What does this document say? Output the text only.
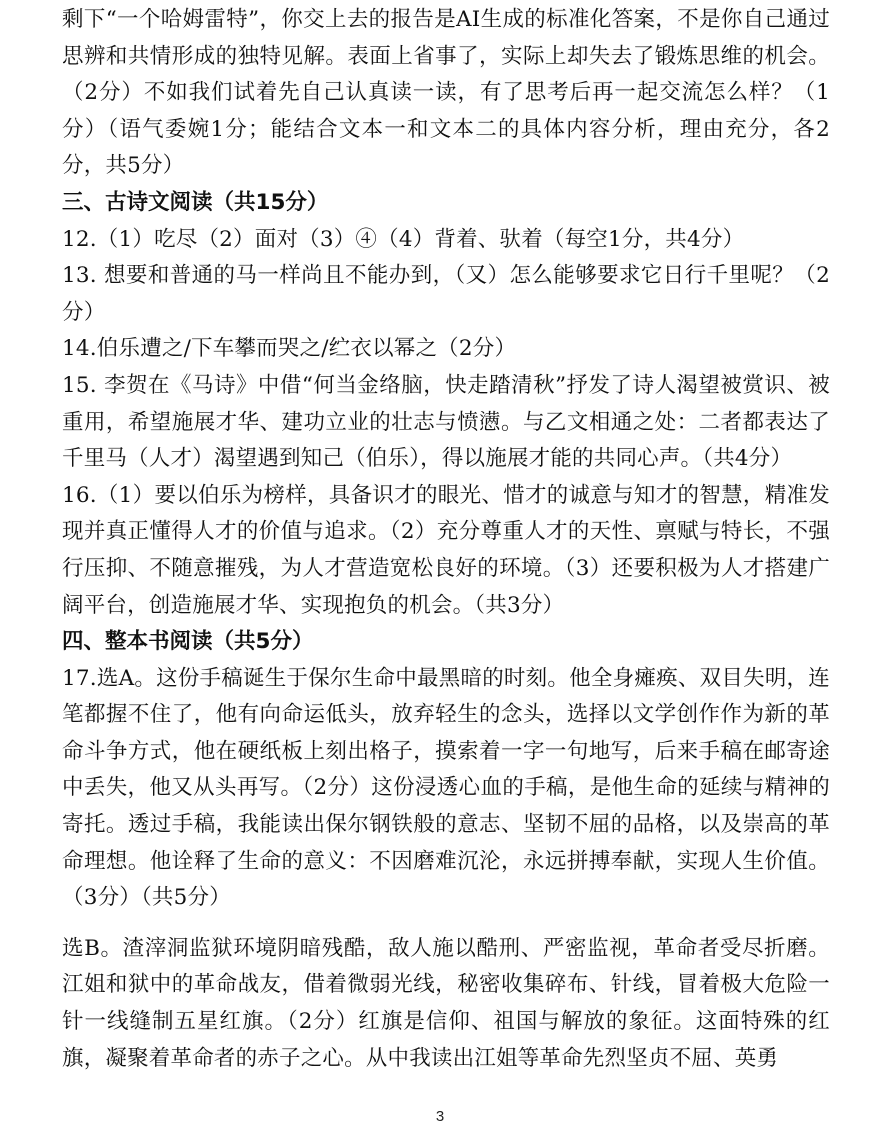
剩下“一个哈姆雷特”，你交上去的报告是AI生成的标准化答案，不是你自己通过思辨和共情形成的独特见解。表面上省事了，实际上却失去了锻炼思维的机会。（2分）不如我们试着先自己认真读一读，有了思考后再一起交流怎么样？（1分）（语气委婉1分；能结合文本一和文本二的具体内容分析，理由充分，各2分，共5分）

三、古诗文阅读（共15分）

12.（1）吃尽（2）面对（3）④（4）背着、驮着（每空1分，共4分）

13. 想要和普通的马一样尚且不能办到，（又）怎么能够要求它日行千里呢？（2分）

14.伯乐遭之/下车攀而哭之/纻衣以幂之（2分）

15. 李贺在《马诗》中借“何当金络脑，快走踏清秋”抒发了诗人渴望被赏识、被重用，希望施展才华、建功立业的壮志与愤懑。与乙文相通之处：二者都表达了千里马（人才）渴望遇到知己（伯乐），得以施展才能的共同心声。（共4分）

16.（1）要以伯乐为榜样，具备识才的眼光、惜才的诚意与知才的智慧，精准发现并真正懂得人才的价值与追求。（2）充分尊重人才的天性、禀赋与特长，不强行压抑、不随意摧残，为人才营造宽松良好的环境。（3）还要积极为人才搭建广阔平台，创造施展才华、实现抱负的机会。（共3分）

四、整本书阅读（共5分）

17.选A。这份手稿诞生于保尔生命中最黑暗的时刻。他全身瘫痪、双目失明，连笔都握不住了，他有向命运低头，放弃轻生的念头，选择以文学创作作为新的革命斗争方式，他在硬纸板上刻出格子，摸索着一字一句地写，后来手稿在邮寄途中丢失，他又从头再写。（2分）这份浸透心血的手稿，是他生命的延续与精神的寄托。透过手稿，我能读出保尔钢铁般的意志、坚韧不屈的品格，以及崇高的革命理想。他诠释了生命的意义：不因磨难沉沦，永远拼搏奉献，实现人生价值。（3分）（共5分）

选B。渣滓洞监狱环境阴暗残酷，敌人施以酷刑、严密监视，革命者受尽折磨。江姐和狱中的革命战友，借着微弱光线，秘密收集碎布、针线，冒着极大危险一针一线缝制五星红旗。（2分）红旗是信仰、祖国与解放的象征。这面特殊的红旗，凝聚着革命者的赤子之心。从中我读出江姐等革命先烈坚贞不屈、英勇

3
